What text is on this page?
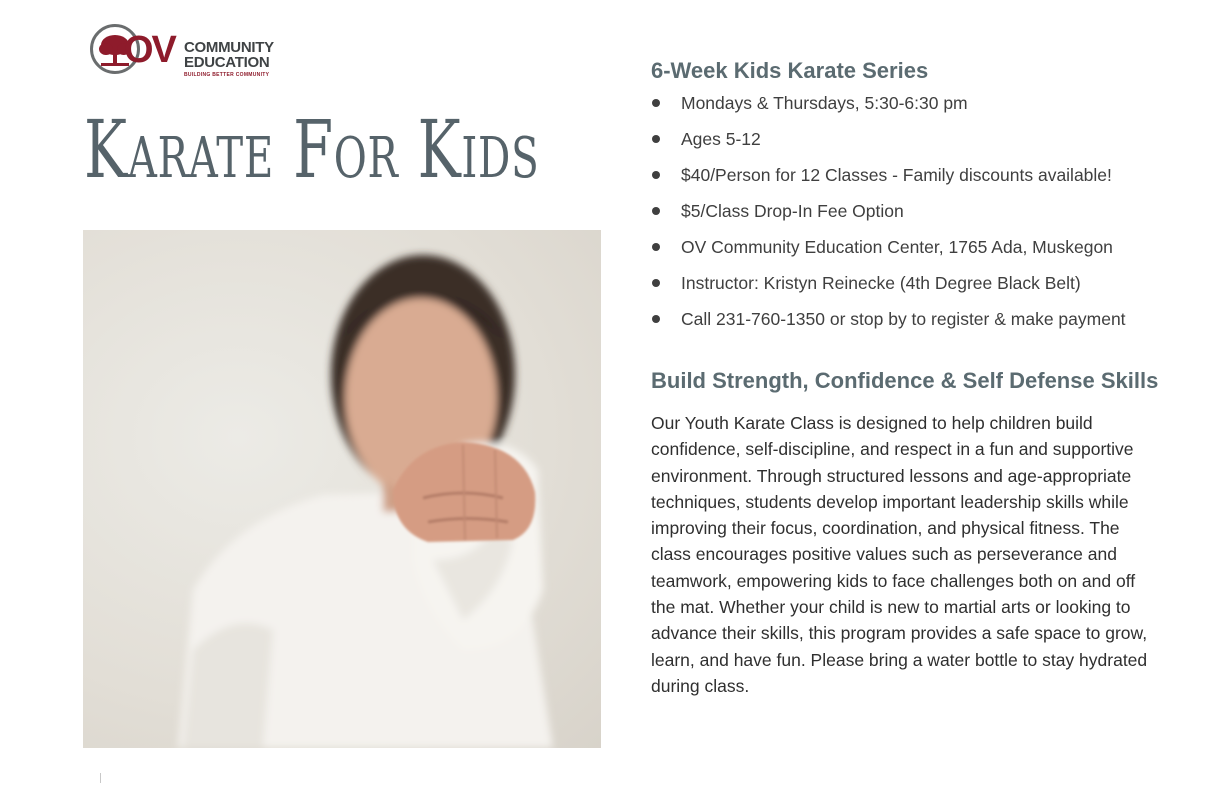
OV COMMUNITY
EDUCATION
BUILDING BETTER COMMUNITY
Karate For Kids
6-Week Kids Karate Series
Mondays & Thursdays, 5:30-6:30 pm
Ages 5-12
$40/Person for 12 Classes - Family discounts available!
$5/Class Drop-In Fee Option
OV Community Education Center, 1765 Ada, Muskegon
Instructor: Kristyn Reinecke (4th Degree Black Belt)
Call 231-760-1350 or stop by to register & make payment
Build Strength, Confidence & Self Defense Skills

Our Youth Karate Class is designed to help children build confidence, self-discipline, and respect in a fun and supportive environment. Through structured lessons and age-appropriate techniques, students develop important leadership skills while improving their focus, coordination, and physical fitness. The class encourages positive values such as perseverance and teamwork, empowering kids to face challenges both on and off the mat. Whether your child is new to martial arts or looking to advance their skills, this program provides a safe space to grow, learn, and have fun. Please bring a water bottle to stay hydrated during class.
